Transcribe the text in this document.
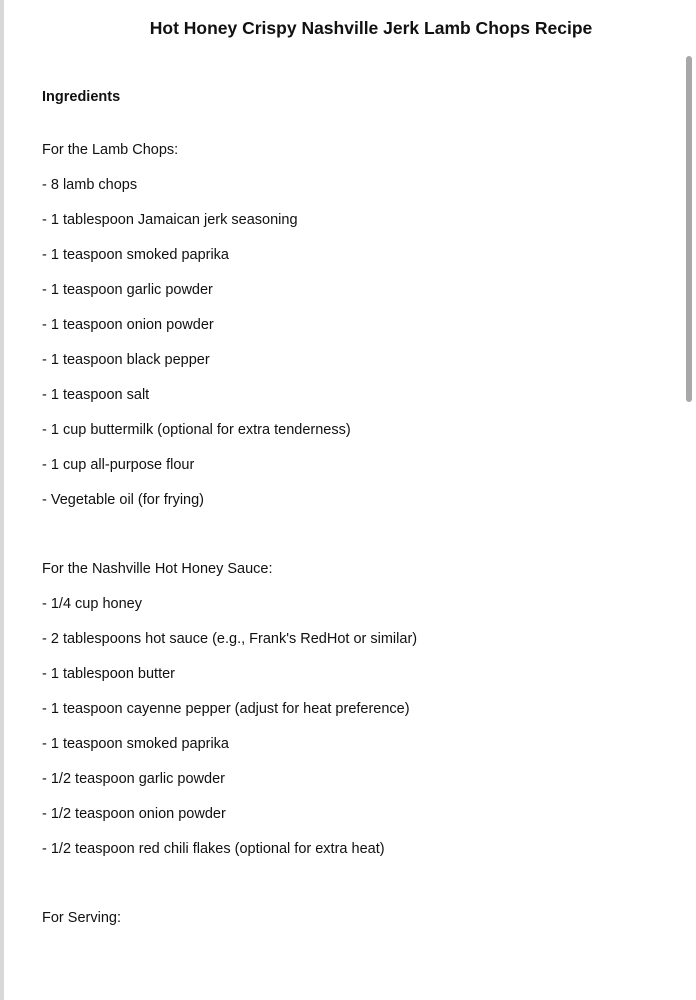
Hot Honey Crispy Nashville Jerk Lamb Chops Recipe
Ingredients

For the Lamb Chops:

- 8 lamb chops

- 1 tablespoon Jamaican jerk seasoning

- 1 teaspoon smoked paprika

- 1 teaspoon garlic powder

- 1 teaspoon onion powder

- 1 teaspoon black pepper

- 1 teaspoon salt

- 1 cup buttermilk (optional for extra tenderness)

- 1 cup all-purpose flour

- Vegetable oil (for frying)

For the Nashville Hot Honey Sauce:

- 1/4 cup honey

- 2 tablespoons hot sauce (e.g., Frank's RedHot or similar)

- 1 tablespoon butter

- 1 teaspoon cayenne pepper (adjust for heat preference)

- 1 teaspoon smoked paprika

- 1/2 teaspoon garlic powder

- 1/2 teaspoon onion powder

- 1/2 teaspoon red chili flakes (optional for extra heat)

For Serving:
